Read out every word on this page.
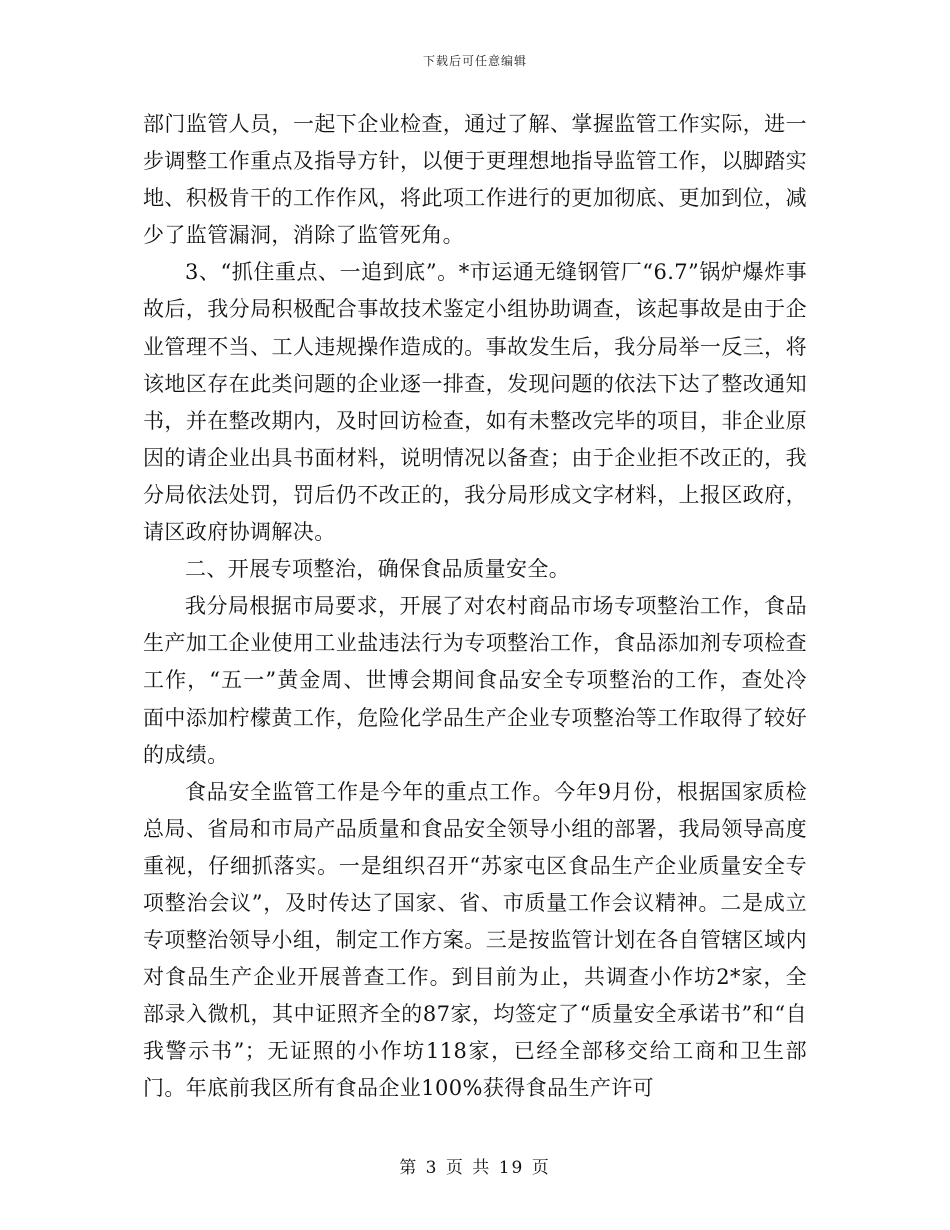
下载后可任意编辑

部门监管人员，一起下企业检查，通过了解、掌握监管工作实际，进一步调整工作重点及指导方针，以便于更理想地指导监管工作，以脚踏实地、积极肯干的工作作风，将此项工作进行的更加彻底、更加到位，减少了监管漏洞，消除了监管死角。

3、“抓住重点、一追到底”。*市运通无缝钢管厂“6.7”锅炉爆炸事故后，我分局积极配合事故技术鉴定小组协助调查，该起事故是由于企业管理不当、工人违规操作造成的。事故发生后，我分局举一反三，将该地区存在此类问题的企业逐一排查，发现问题的依法下达了整改通知书，并在整改期内，及时回访检查，如有未整改完毕的项目，非企业原因的请企业出具书面材料，说明情况以备查；由于企业拒不改正的，我分局依法处罚，罚后仍不改正的，我分局形成文字材料，上报区政府，请区政府协调解决。

二、开展专项整治，确保食品质量安全。

我分局根据市局要求，开展了对农村商品市场专项整治工作，食品生产加工企业使用工业盐违法行为专项整治工作，食品添加剂专项检查工作，“五一”黄金周、世博会期间食品安全专项整治的工作，查处冷面中添加柠檬黄工作，危险化学品生产企业专项整治等工作取得了较好的成绩。

食品安全监管工作是今年的重点工作。今年9月份，根据国家质检总局、省局和市局产品质量和食品安全领导小组的部署，我局领导高度重视，仔细抓落实。一是组织召开“苏家屯区食品生产企业质量安全专项整治会议”，及时传达了国家、省、市质量工作会议精神。二是成立专项整治领导小组，制定工作方案。三是按监管计划在各自管辖区域内对食品生产企业开展普查工作。到目前为止，共调查小作坊2*家，全部录入微机，其中证照齐全的87家，均签定了“质量安全承诺书”和“自我警示书”；无证照的小作坊118家，已经全部移交给工商和卫生部门。年底前我区所有食品企业100%获得食品生产许可

第 3 页 共 19 页
